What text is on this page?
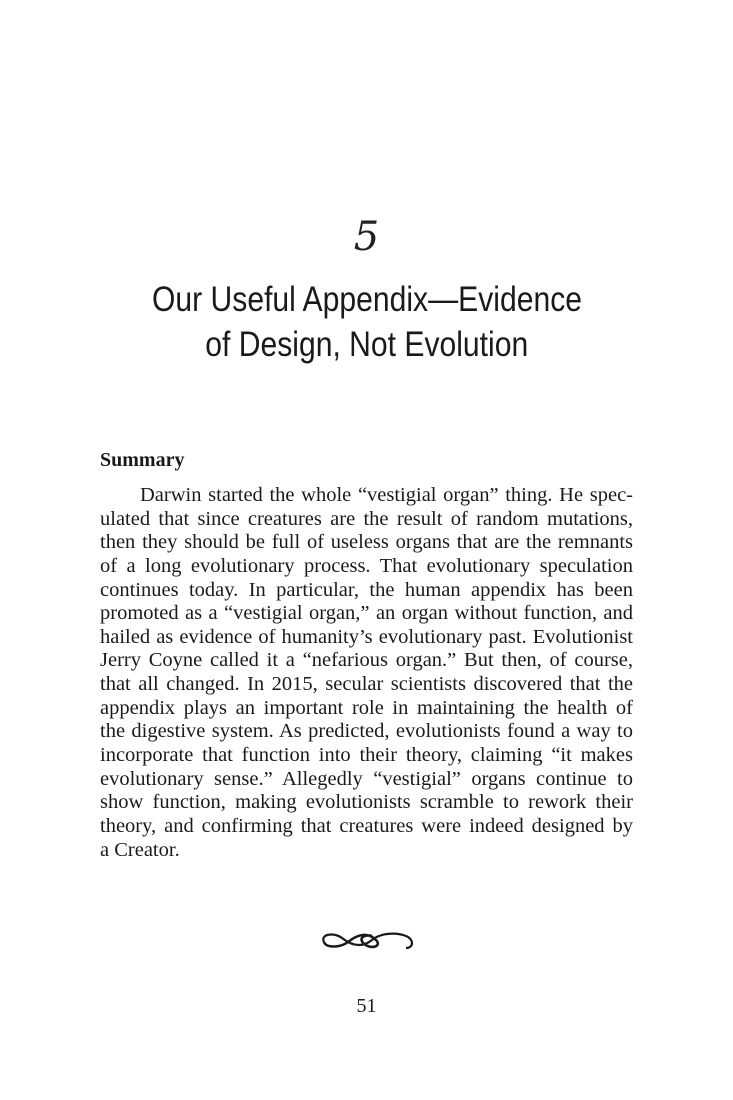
5
Our Useful Appendix—Evidence
of Design, Not Evolution
Summary
Darwin started the whole “vestigial organ” thing. He spec-
ulated that since creatures are the result of random mutations,
then they should be full of useless organs that are the remnants
of a long evolutionary process. That evolutionary speculation
continues today. In particular, the human appendix has been
promoted as a “vestigial organ,” an organ without function, and
hailed as evidence of humanity’s evolutionary past. Evolutionist
Jerry Coyne called it a “nefarious organ.” But then, of course,
that all changed. In 2015, secular scientists discovered that the
appendix plays an important role in maintaining the health of
the digestive system. As predicted, evolutionists found a way to
incorporate that function into their theory, claiming “it makes
evolutionary sense.” Allegedly “vestigial” organs continue to
show function, making evolutionists scramble to rework their
theory, and confirming that creatures were indeed designed by
a Creator.
51
